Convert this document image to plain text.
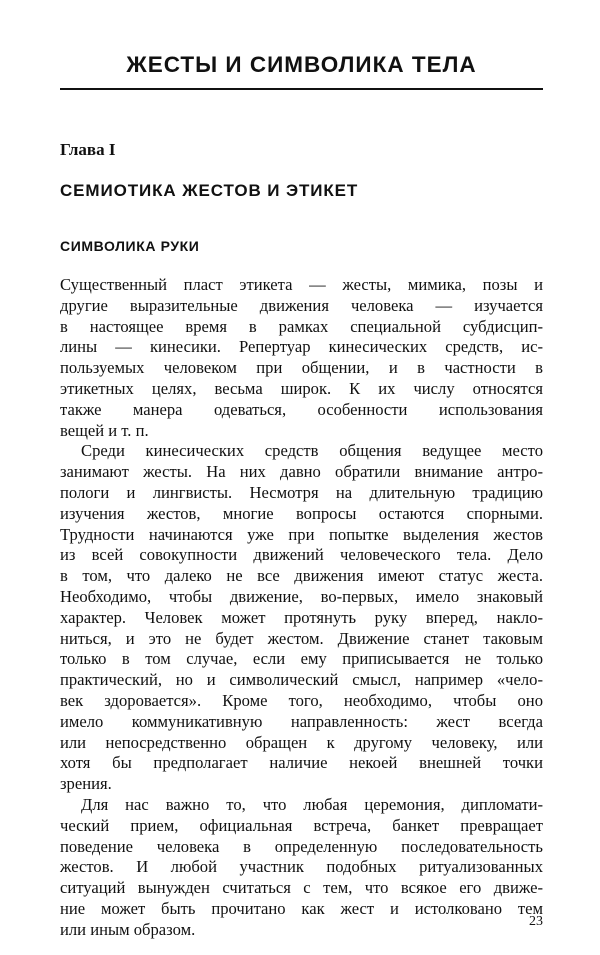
ЖЕСТЫ И СИМВОЛИКА ТЕЛА
Глава I
СЕМИОТИКА ЖЕСТОВ И ЭТИКЕТ
СИМВОЛИКА РУКИ
Существенный пласт этикета — жесты, мимика, позы и
другие выразительные движения человека — изучается
в настоящее время в рамках специальной субдисцип-
лины — кинесики. Репертуар кинесических средств, ис-
пользуемых человеком при общении, и в частности в
этикетных целях, весьма широк. К их числу относятся
также манера одеваться, особенности использования
вещей и т. п.
Среди кинесических средств общения ведущее место
занимают жесты. На них давно обратили внимание антро-
пологи и лингвисты. Несмотря на длительную традицию
изучения жестов, многие вопросы остаются спорными.
Трудности начинаются уже при попытке выделения жестов
из всей совокупности движений человеческого тела. Дело
в том, что далеко не все движения имеют статус жеста.
Необходимо, чтобы движение, во-первых, имело знаковый
характер. Человек может протянуть руку вперед, накло-
ниться, и это не будет жестом. Движение станет таковым
только в том случае, если ему приписывается не только
практический, но и символический смысл, например «чело-
век здоровается». Кроме того, необходимо, чтобы оно
имело коммуникативную направленность: жест всегда
или непосредственно обращен к другому человеку, или
хотя бы предполагает наличие некоей внешней точки
зрения.
Для нас важно то, что любая церемония, дипломати-
ческий прием, официальная встреча, банкет превращает
поведение человека в определенную последовательность
жестов. И любой участник подобных ритуализованных
ситуаций вынужден считаться с тем, что всякое его движе-
ние может быть прочитано как жест и истолковано тем
или иным образом.	23
